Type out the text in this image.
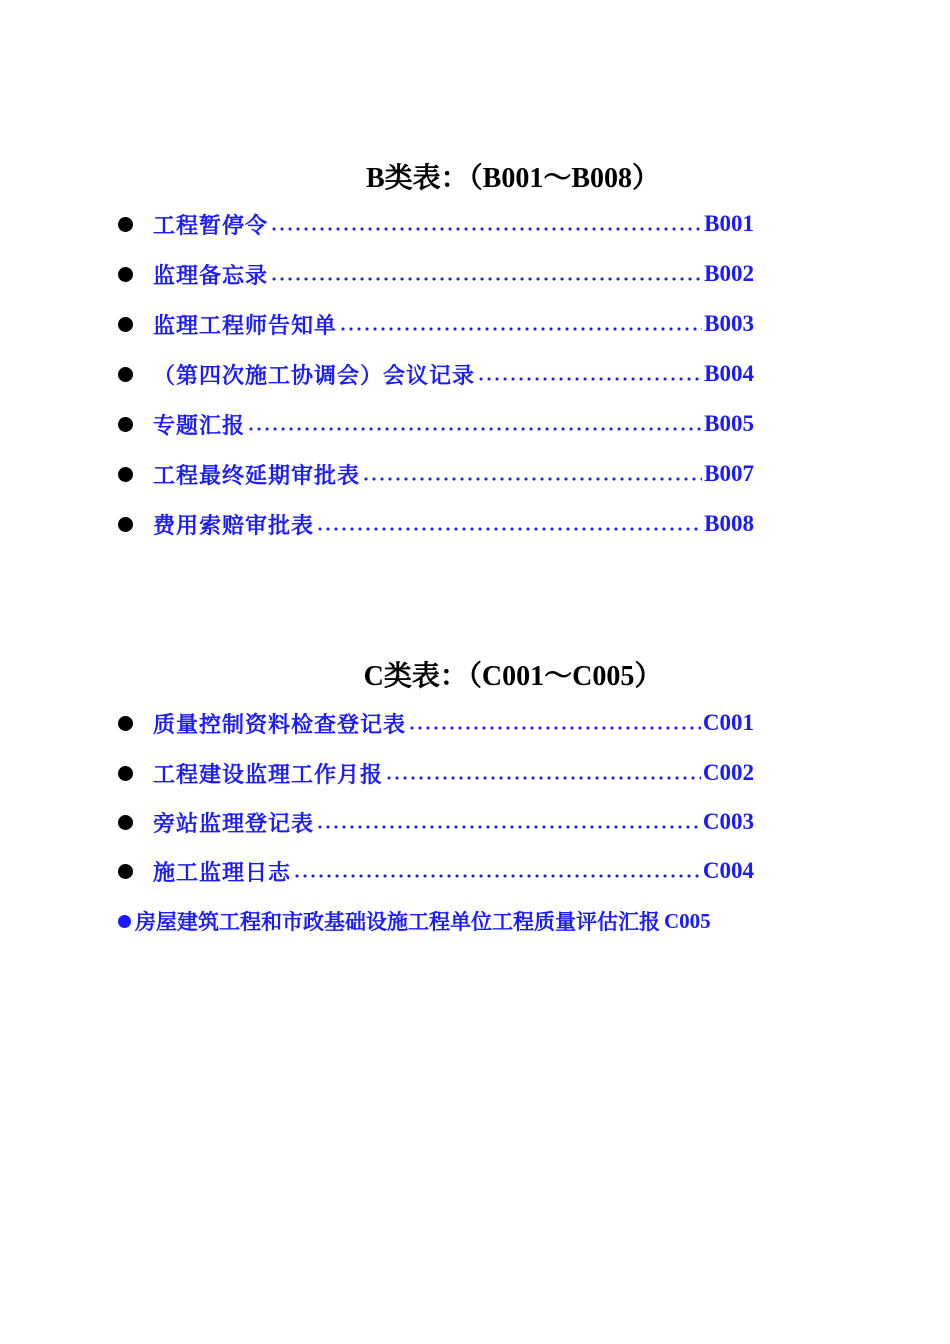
B类表：（B001～B008）
工程暂停令	B001
监理备忘录	B002
监理工程师告知单	B003
（第四次施工协调会）会议记录	B004
专题汇报	B005
工程最终延期审批表	B007
费用索赔审批表	B008
C类表：（C001～C005）
质量控制资料检查登记表	C001
工程建设监理工作月报	C002
旁站监理登记表	C003
施工监理日志	C004
房屋建筑工程和市政基础设施工程单位工程质量评估汇报 C005
